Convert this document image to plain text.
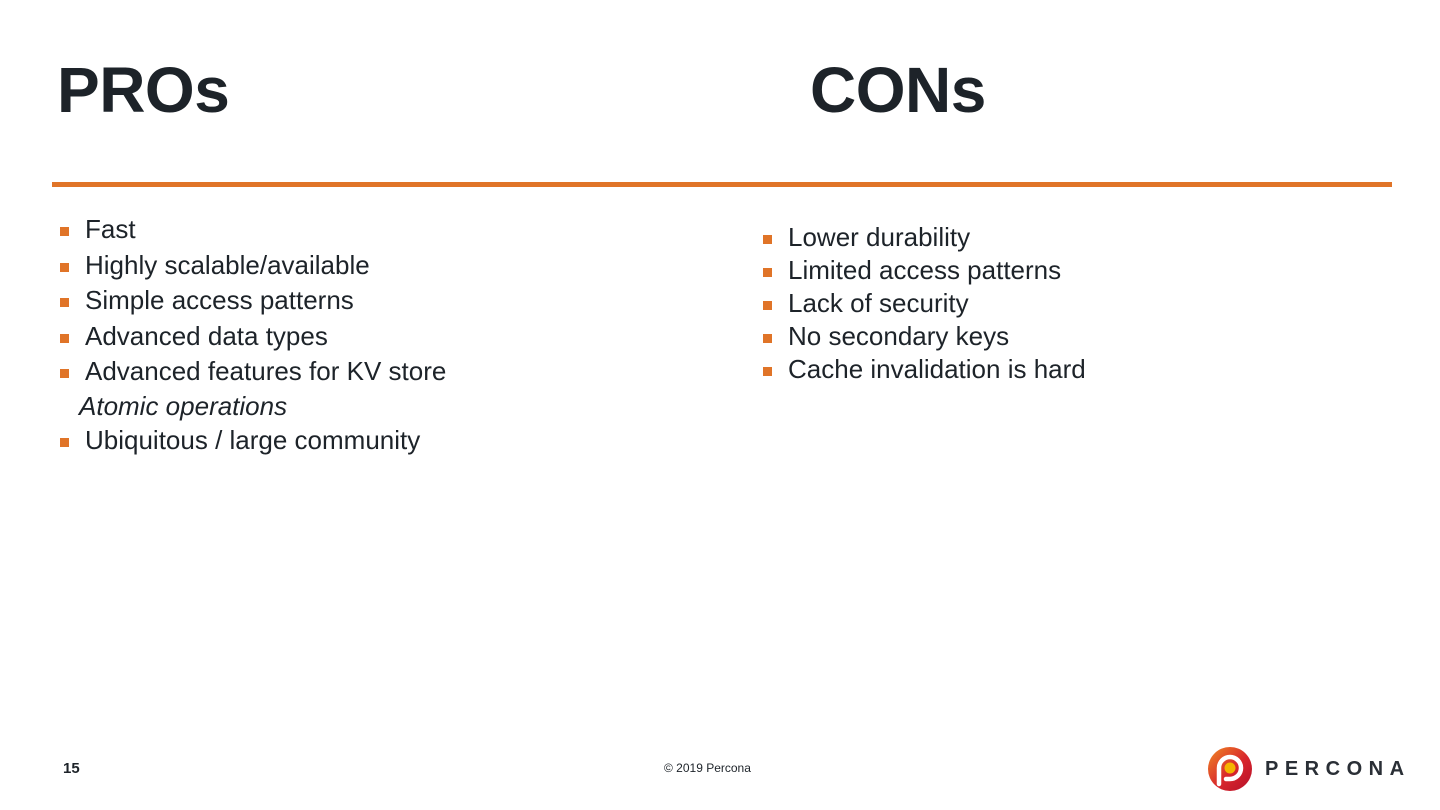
PROs	CONs
Fast
Highly scalable/available
Simple access patterns
Advanced data types
Advanced features for KV store
Atomic operations
Ubiquitous / large community
Lower durability
Limited access patterns
Lack of security
No secondary keys
Cache invalidation is hard
15	© 2019 Percona	PERCONA
